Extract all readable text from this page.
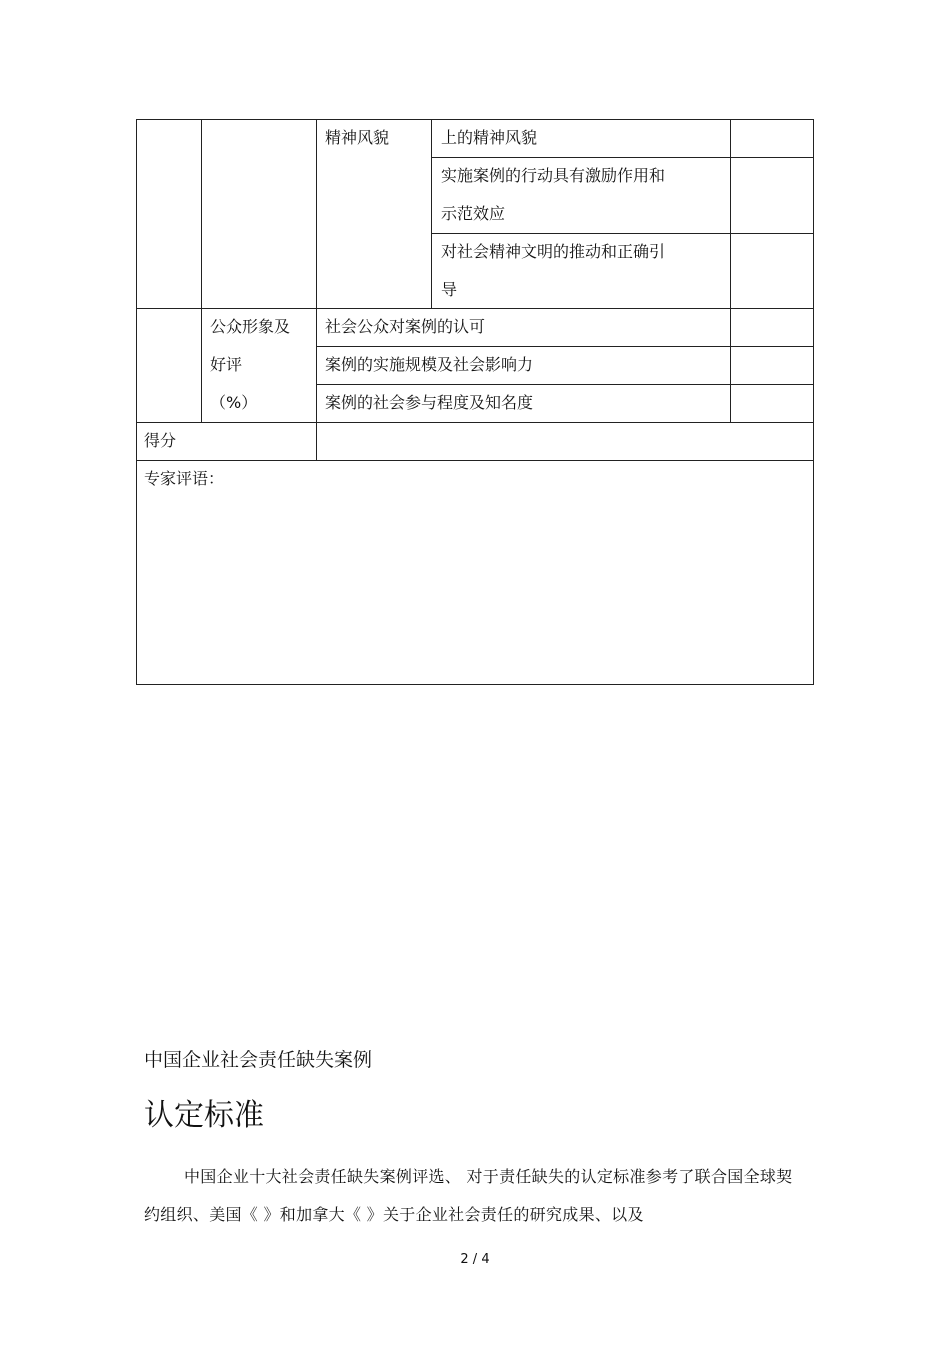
精神风貌	上的精神风貌
实施案例的行动具有激励作用和
示范效应
对社会精神文明的推动和正确引
导
公众形象及
好评
（%）
社会公众对案例的认可
案例的实施规模及社会影响力
案例的社会参与程度及知名度
得分
专家评语：
中国企业社会责任缺失案例
认定标准
中国企业十大社会责任缺失案例评选、 对于责任缺失的认定标准参考了联合国全球契约组织、美国《 》和加拿大《 》关于企业社会责任的研究成果、以及
2 / 4
